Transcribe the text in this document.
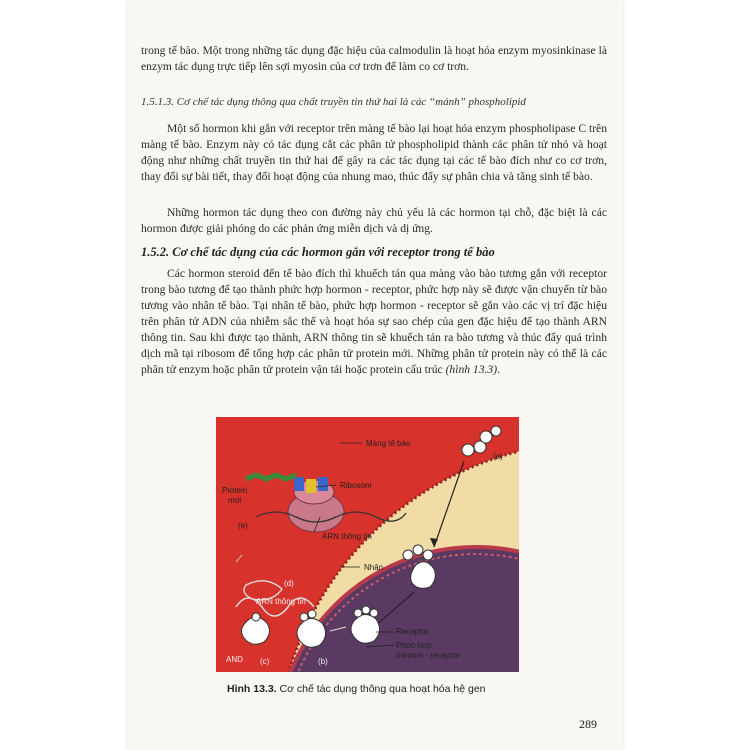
trong tế bào. Một trong những tác dụng đặc hiệu của calmodulin là hoạt hóa enzym myosinkinase là enzym tác dụng trực tiếp lên sợi myosin của cơ trơn để làm co cơ trơn.

1.5.1.3. Cơ chế tác dụng thông qua chất truyền tin thứ hai là các “mảnh” phospholipid

Một số hormon khi gắn với receptor trên màng tế bào lại hoạt hóa enzym phospholipase C trên màng tế bào. Enzym này có tác dụng cắt các phân tử phospholipid thành các phân tử nhỏ và hoạt động như những chất truyền tin thứ hai để gây ra các tác dụng tại các tế bào đích như co cơ trơn, thay đổi sự bài tiết, thay đổi hoạt động của nhung mao, thúc đẩy sự phân chia và tăng sinh tế bào.

Những hormon tác dụng theo con đường này chủ yếu là các hormon tại chỗ, đặc biệt là các hormon được giải phóng do các phản ứng miễn dịch và dị ứng.

1.5.2. Cơ chế tác dụng của các hormon gắn với receptor trong tế bào

Các hormon steroid đến tế bào đích thì khuếch tán qua màng vào bào tương gắn với receptor trong bào tương để tạo thành phức hợp hormon - receptor, phức hợp này sẽ được vận chuyển từ bào tương vào nhân tế bào. Tại nhân tế bào, phức hợp hormon - receptor sẽ gắn vào các vị trí đặc hiệu trên phân tử ADN của nhiễm sắc thể và hoạt hóa sự sao chép của gen đặc hiệu để tạo thành ARN thông tin. Sau khi được tạo thành, ARN thông tin sẽ khuếch tán ra bào tương và thúc đẩy quá trình dịch mã tại ribosom để tổng hợp các phân tử protein mới. Những phân tử protein này có thể là các phân tử enzym hoặc phân tử protein vận tải hoặc protein cấu trúc (hình 13.3).

Màng tế bào
(a)
Protein
mới
Ribosom
(e)
ARN thông tin
Nhân
(d)
ARN thông tin
Receptor
AND (c)	(b)
Phức hợp
hormon - receptor
Hình 13.3. Cơ chế tác dụng thông qua hoạt hóa hệ gen
289
